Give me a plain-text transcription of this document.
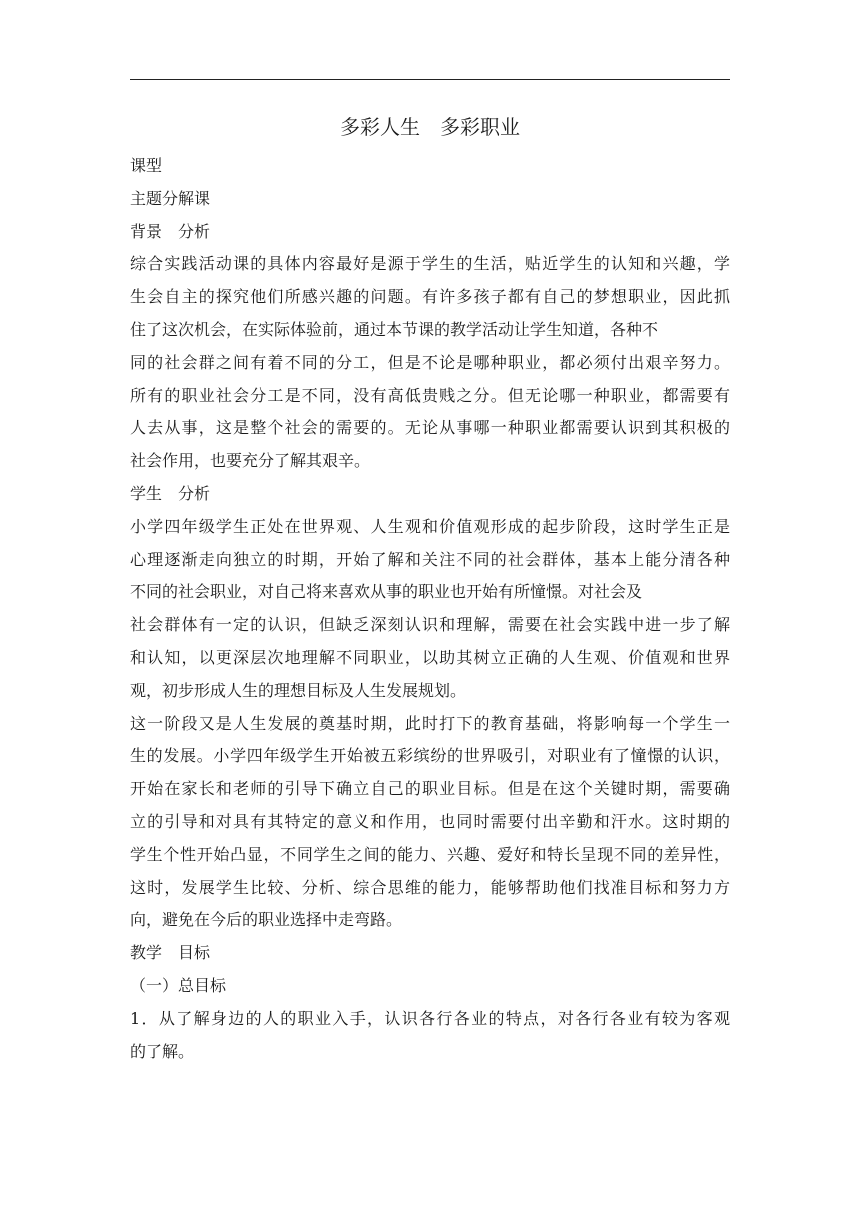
多彩人生　多彩职业
课型
主题分解课
背景　分析
综合实践活动课的具体内容最好是源于学生的生活，贴近学生的认知和兴趣，学
生会自主的探究他们所感兴趣的问题。有许多孩子都有自己的梦想职业，因此抓
住了这次机会，在实际体验前，通过本节课的教学活动让学生知道，各种不
同的社会群之间有着不同的分工，但是不论是哪种职业，都必须付出艰辛努力。
所有的职业社会分工是不同，没有高低贵贱之分。但无论哪一种职业，都需要有
人去从事，这是整个社会的需要的。无论从事哪一种职业都需要认识到其积极的
社会作用，也要充分了解其艰辛。
学生　分析
小学四年级学生正处在世界观、人生观和价值观形成的起步阶段，这时学生正是
心理逐渐走向独立的时期，开始了解和关注不同的社会群体，基本上能分清各种
不同的社会职业，对自己将来喜欢从事的职业也开始有所憧憬。对社会及
社会群体有一定的认识，但缺乏深刻认识和理解，需要在社会实践中进一步了解
和认知，以更深层次地理解不同职业，以助其树立正确的人生观、价值观和世界
观，初步形成人生的理想目标及人生发展规划。
这一阶段又是人生发展的奠基时期，此时打下的教育基础，将影响每一个学生一
生的发展。小学四年级学生开始被五彩缤纷的世界吸引，对职业有了憧憬的认识，
开始在家长和老师的引导下确立自己的职业目标。但是在这个关键时期，需要确
立的引导和对具有其特定的意义和作用，也同时需要付出辛勤和汗水。这时期的
学生个性开始凸显，不同学生之间的能力、兴趣、爱好和特长呈现不同的差异性，
这时，发展学生比较、分析、综合思维的能力，能够帮助他们找准目标和努力方
向，避免在今后的职业选择中走弯路。
教学　目标
（一）总目标
1．从了解身边的人的职业入手，认识各行各业的特点，对各行各业有较为客观
的了解。
